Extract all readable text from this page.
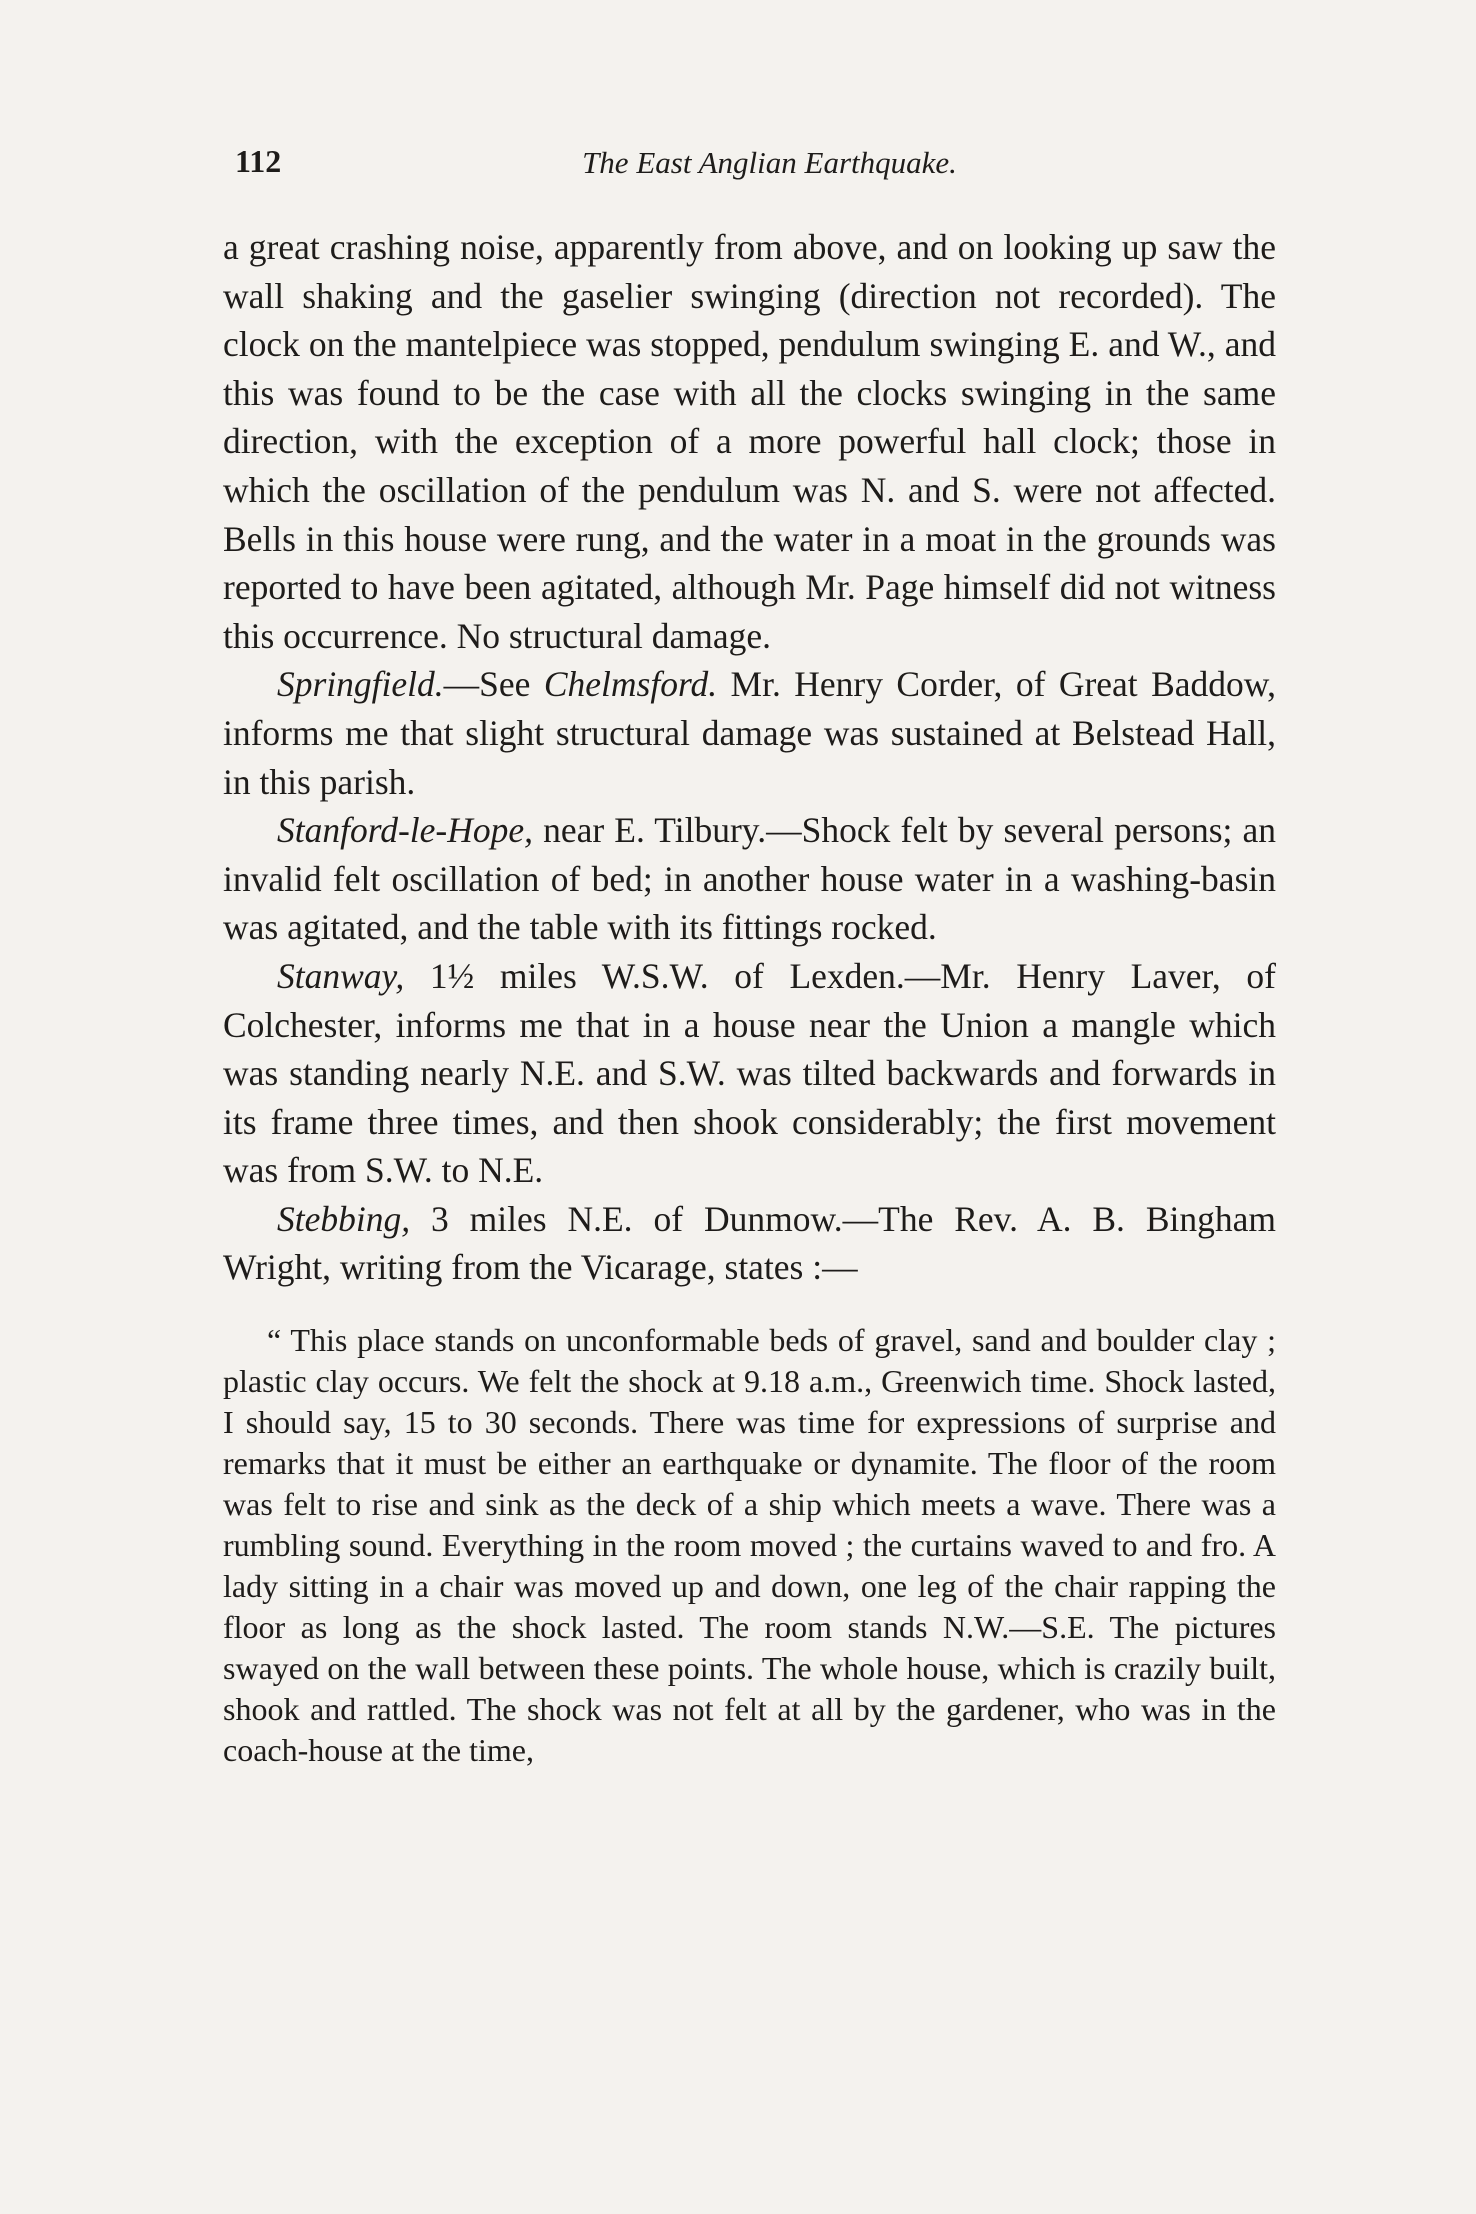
112	The East Anglian Earthquake.

a great crashing noise, apparently from above, and on looking up saw the wall shaking and the gaselier swinging (direction not recorded). The clock on the mantelpiece was stopped, pendulum swinging E. and W., and this was found to be the case with all the clocks swinging in the same direction, with the exception of a more powerful hall clock; those in which the oscillation of the pendulum was N. and S. were not affected. Bells in this house were rung, and the water in a moat in the grounds was reported to have been agitated, although Mr. Page himself did not witness this occurrence. No structural damage.

Springfield.—See Chelmsford. Mr. Henry Corder, of Great Baddow, informs me that slight structural damage was sustained at Belstead Hall, in this parish.

Stanford-le-Hope, near E. Tilbury.—Shock felt by several persons; an invalid felt oscillation of bed; in another house water in a washing-basin was agitated, and the table with its fittings rocked.

Stanway, 1½ miles W.S.W. of Lexden.—Mr. Henry Laver, of Colchester, informs me that in a house near the Union a mangle which was standing nearly N.E. and S.W. was tilted backwards and forwards in its frame three times, and then shook considerably; the first movement was from S.W. to N.E.

Stebbing, 3 miles N.E. of Dunmow.—The Rev. A. B. Bingham Wright, writing from the Vicarage, states :—

“ This place stands on unconformable beds of gravel, sand and boulder clay ; plastic clay occurs. We felt the shock at 9.18 a.m., Greenwich time. Shock lasted, I should say, 15 to 30 seconds. There was time for expressions of surprise and remarks that it must be either an earthquake or dynamite. The floor of the room was felt to rise and sink as the deck of a ship which meets a wave. There was a rumbling sound. Everything in the room moved ; the curtains waved to and fro. A lady sitting in a chair was moved up and down, one leg of the chair rapping the floor as long as the shock lasted. The room stands N.W.—S.E. The pictures swayed on the wall between these points. The whole house, which is crazily built, shook and rattled. The shock was not felt at all by the gardener, who was in the coach-house at the time,
